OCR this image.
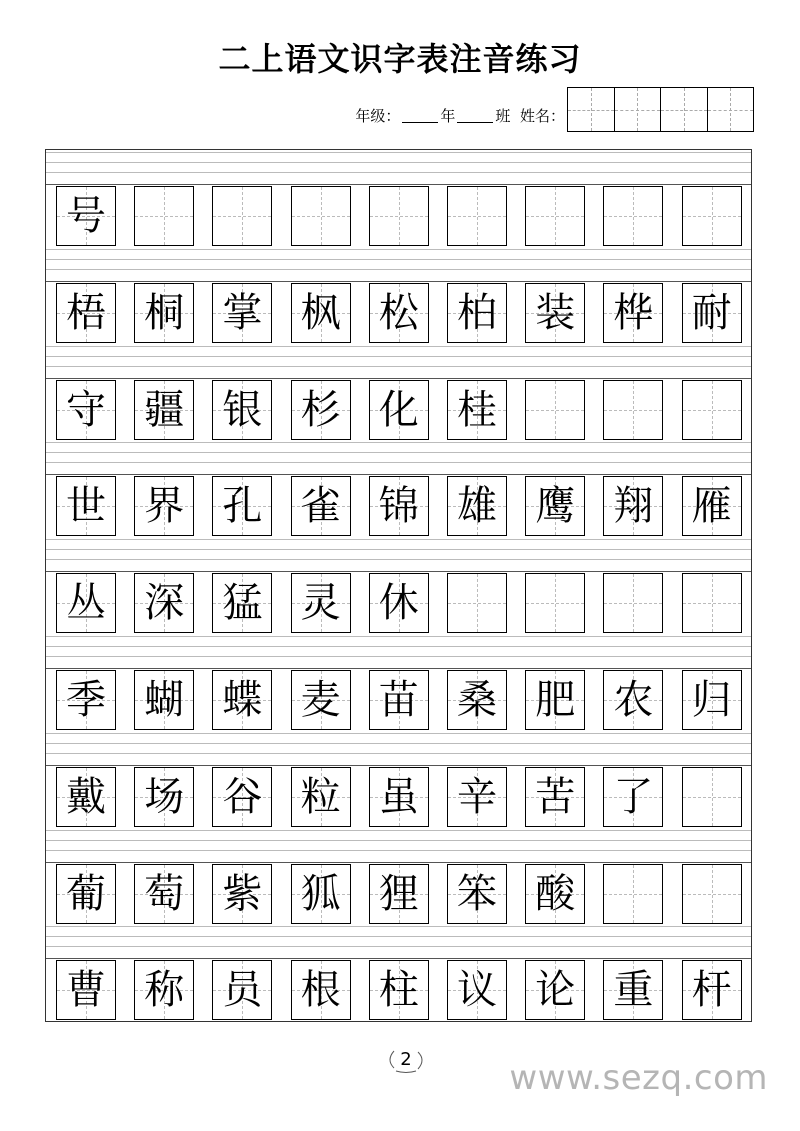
二上语文识字表注音练习
年级：	年	班 姓名：
号
梧 桐 掌 枫 松 柏 装 桦 耐
守 疆 银 杉 化 桂
世 界 孔 雀 锦 雄 鹰 翔 雁
丛 深 猛 灵 休
季 蝴 蝶 麦 苗 桑 肥 农 归
戴 场 谷 粒 虽 辛 苦 了
葡 萄 紫 狐 狸 笨 酸
曹 称 员 根 柱 议 论 重 杆
2	www.sezq.com
